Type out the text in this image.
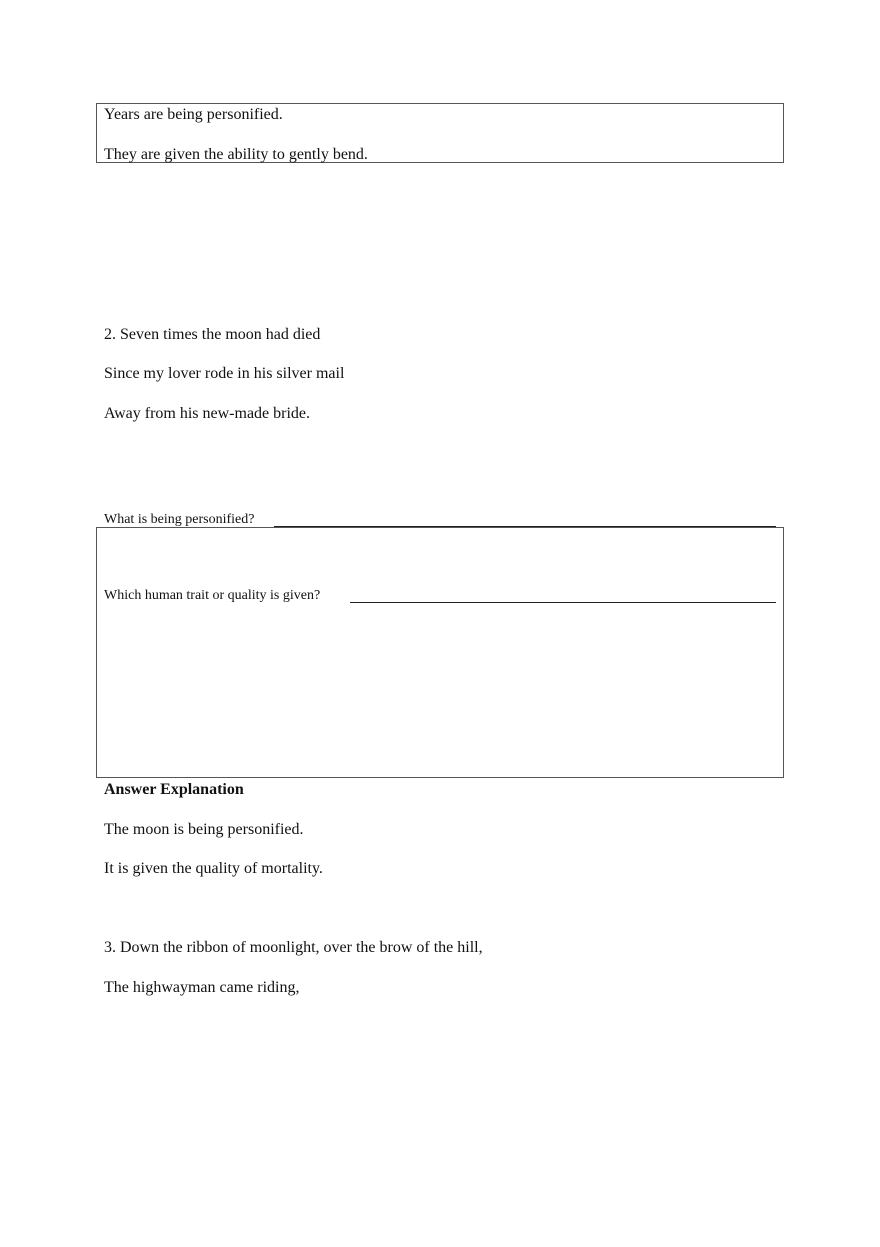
Years are being personified.
They are given the ability to gently bend.
2. Seven times the moon had died
Since my lover rode in his silver mail
Away from his new-made bride.
What is being personified?
Which human trait or quality is given?
Answer Explanation
The moon is being personified.
It is given the quality of mortality.
3. Down the ribbon of moonlight, over the brow of the hill,
The highwayman came riding,
